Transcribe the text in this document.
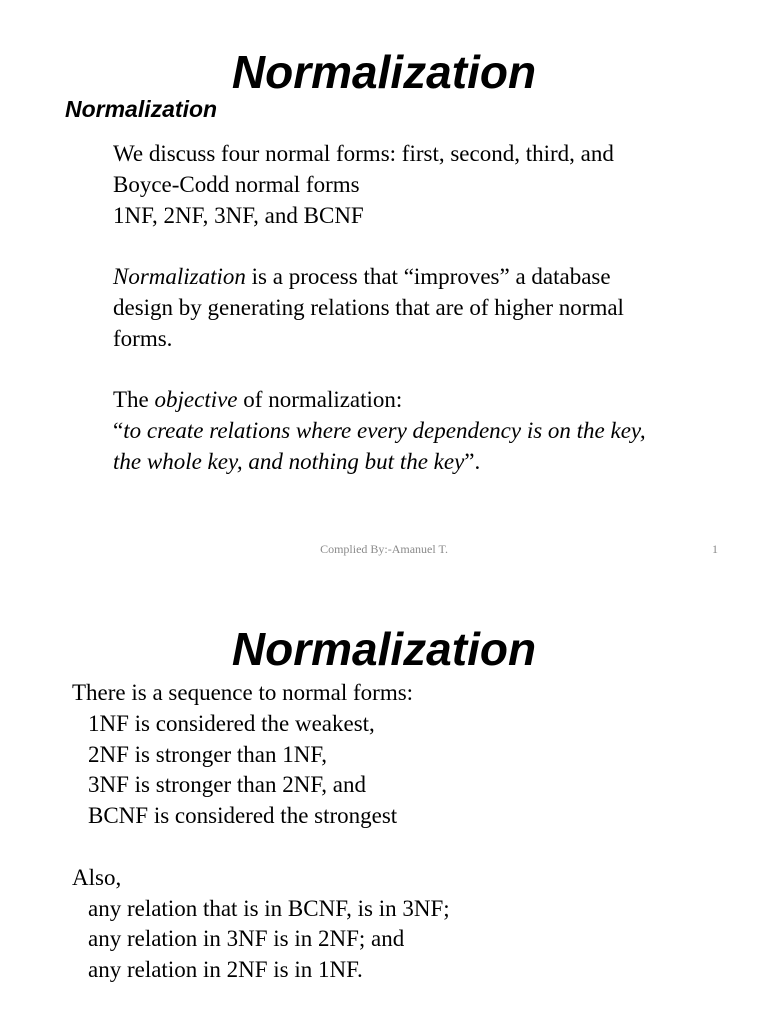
Normalization
Normalization
We discuss four normal forms: first, second, third, and
Boyce-Codd normal forms
1NF, 2NF, 3NF, and BCNF
Normalization is a process that “improves” a database
design by generating relations that are of higher normal
forms.
The objective of normalization:
“to create relations where every dependency is on the key,
the whole key, and nothing but the key”.
Complied By:-Amanuel T.	1
Normalization
There is a sequence to normal forms:
1NF is considered the weakest,
2NF is stronger than 1NF,
3NF is stronger than 2NF, and
BCNF is considered the strongest
Also,
any relation that is in BCNF, is in 3NF;
any relation in 3NF is in 2NF; and
any relation in 2NF is in 1NF.
